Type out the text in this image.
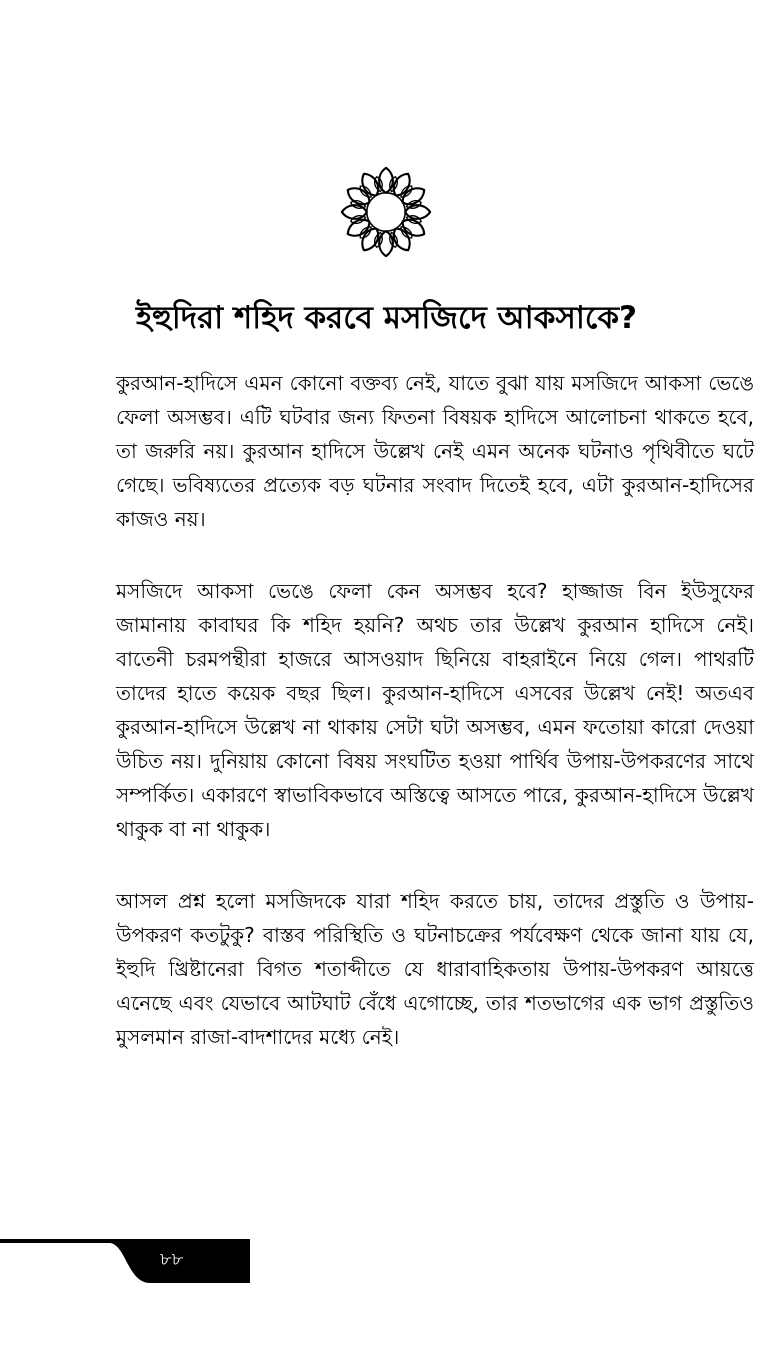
ইহুদিরা শহিদ করবে মসজিদে আকসাকে?

কুরআন-হাদিসে এমন কোনো বক্তব্য নেই, যাতে বুঝা যায় মসজিদে আকসা ভেঙে ফেলা অসম্ভব। এটি ঘটবার জন্য ফিতনা বিষয়ক হাদিসে আলোচনা থাকতে হবে, তা জরুরি নয়। কুরআন হাদিসে উল্লেখ নেই এমন অনেক ঘটনাও পৃথিবীতে ঘটে গেছে। ভবিষ্যতের প্রত্যেক বড় ঘটনার সংবাদ দিতেই হবে, এটা কুরআন-হাদিসের কাজও নয়।

মসজিদে আকসা ভেঙে ফেলা কেন অসম্ভব হবে? হাজ্জাজ বিন ইউসুফের জামানায় কাবাঘর কি শহিদ হয়নি? অথচ তার উল্লেখ কুরআন হাদিসে নেই। বাতেনী চরমপন্থীরা হাজরে আসওয়াদ ছিনিয়ে বাহরাইনে নিয়ে গেল। পাথরটি তাদের হাতে কয়েক বছর ছিল। কুরআন-হাদিসে এসবের উল্লেখ নেই! অতএব কুরআন-হাদিসে উল্লেখ না থাকায় সেটা ঘটা অসম্ভব, এমন ফতোয়া কারো দেওয়া উচিত নয়। দুনিয়ায় কোনো বিষয় সংঘটিত হওয়া পার্থিব উপায়-উপকরণের সাথে সম্পর্কিত। একারণে স্বাভাবিকভাবে অস্তিত্বে আসতে পারে, কুরআন-হাদিসে উল্লেখ থাকুক বা না থাকুক।

আসল প্রশ্ন হলো মসজিদকে যারা শহিদ করতে চায়, তাদের প্রস্তুতি ও উপায়-উপকরণ কতটুকু? বাস্তব পরিস্থিতি ও ঘটনাচক্রের পর্যবেক্ষণ থেকে জানা যায় যে, ইহুদি খ্রিষ্টানেরা বিগত শতাব্দীতে যে ধারাবাহিকতায় উপায়-উপকরণ আয়ত্তে এনেছে এবং যেভাবে আটঘাট বেঁধে এগোচ্ছে, তার শতভাগের এক ভাগ প্রস্তুতিও মুসলমান রাজা-বাদশাদের মধ্যে নেই।

৮৮
